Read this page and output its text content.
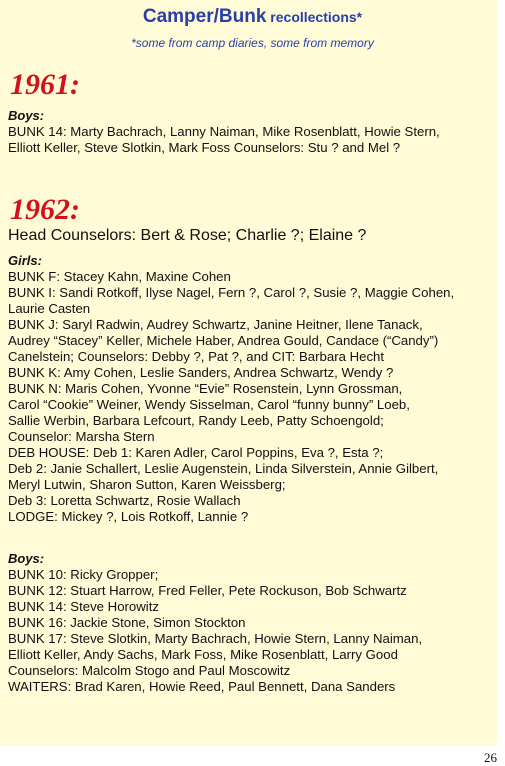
Camper/Bunk recollections*
*some from camp diaries, some from memory
1961:
Boys:
BUNK 14: Marty Bachrach, Lanny Naiman, Mike Rosenblatt, Howie Stern,
Elliott Keller, Steve Slotkin, Mark Foss Counselors: Stu ? and Mel ?
1962:
Head Counselors: Bert & Rose; Charlie ?; Elaine ?
Girls:
BUNK F: Stacey Kahn, Maxine Cohen
BUNK I: Sandi Rotkoff, Ilyse Nagel, Fern ?, Carol ?, Susie ?, Maggie Cohen,
Laurie Casten
BUNK J: Saryl Radwin, Audrey Schwartz, Janine Heitner, Ilene Tanack,
Audrey “Stacey” Keller, Michele Haber, Andrea Gould, Candace (“Candy”)
Canelstein; Counselors: Debby ?, Pat ?, and CIT: Barbara Hecht
BUNK K: Amy Cohen, Leslie Sanders, Andrea Schwartz, Wendy ?
BUNK N: Maris Cohen, Yvonne “Evie” Rosenstein, Lynn Grossman,
Carol “Cookie” Weiner, Wendy Sisselman, Carol “funny bunny” Loeb,
Sallie Werbin, Barbara Lefcourt, Randy Leeb, Patty Schoengold;
Counselor: Marsha Stern
DEB HOUSE: Deb 1: Karen Adler, Carol Poppins, Eva ?, Esta ?;
Deb 2: Janie Schallert, Leslie Augenstein, Linda Silverstein, Annie Gilbert,
Meryl Lutwin, Sharon Sutton, Karen Weissberg;
Deb 3: Loretta Schwartz, Rosie Wallach
LODGE: Mickey ?, Lois Rotkoff, Lannie ?
Boys:
BUNK 10: Ricky Gropper;
BUNK 12: Stuart Harrow, Fred Feller, Pete Rockuson, Bob Schwartz
BUNK 14: Steve Horowitz
BUNK 16: Jackie Stone, Simon Stockton
BUNK 17: Steve Slotkin, Marty Bachrach, Howie Stern, Lanny Naiman,
Elliott Keller, Andy Sachs, Mark Foss, Mike Rosenblatt, Larry Good
Counselors: Malcolm Stogo and Paul Moscowitz
WAITERS: Brad Karen, Howie Reed, Paul Bennett, Dana Sanders
26
